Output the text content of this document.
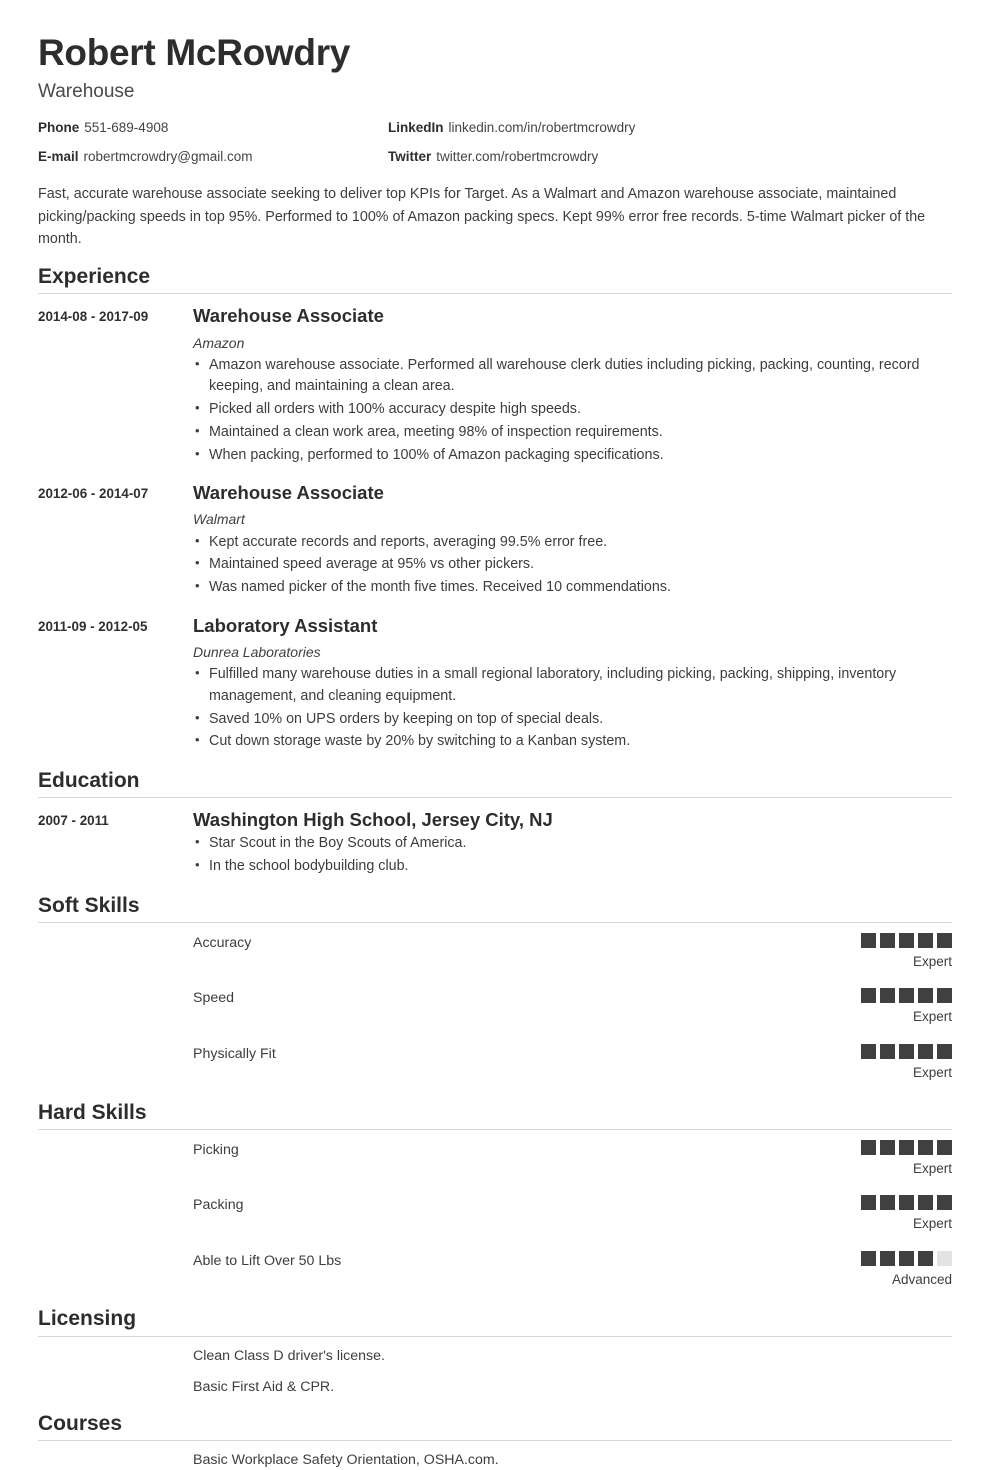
Robert McRowdry
Warehouse
Phone 551-689-4908	LinkedIn linkedin.com/in/robertmcrowdry
E-mail robertmcrowdry@gmail.com	Twitter twitter.com/robertmcrowdry

Fast, accurate warehouse associate seeking to deliver top KPIs for Target. As a Walmart and Amazon warehouse associate, maintained picking/packing speeds in top 95%. Performed to 100% of Amazon packing specs. Kept 99% error free records. 5-time Walmart picker of the month.

Experience
2014-08 - 2017-09	Warehouse Associate
Amazon
• Amazon warehouse associate. Performed all warehouse clerk duties including picking, packing, counting, record keeping, and maintaining a clean area.
• Picked all orders with 100% accuracy despite high speeds.
• Maintained a clean work area, meeting 98% of inspection requirements.
• When packing, performed to 100% of Amazon packaging specifications.
2012-06 - 2014-07	Warehouse Associate
Walmart
• Kept accurate records and reports, averaging 99.5% error free.
• Maintained speed average at 95% vs other pickers.
• Was named picker of the month five times. Received 10 commendations.
2011-09 - 2012-05	Laboratory Assistant
Dunrea Laboratories
• Fulfilled many warehouse duties in a small regional laboratory, including picking, packing, shipping, inventory management, and cleaning equipment.
• Saved 10% on UPS orders by keeping on top of special deals.
• Cut down storage waste by 20% by switching to a Kanban system.
Education
2007 - 2011	Washington High School, Jersey City, NJ
• Star Scout in the Boy Scouts of America.
• In the school bodybuilding club.
Soft Skills
Accuracy
Expert
Speed
Expert
Physically Fit
Expert
Hard Skills
Picking
Expert
Packing
Expert
Able to Lift Over 50 Lbs
Advanced
Licensing
Clean Class D driver's license.
Basic First Aid & CPR.
Courses
Basic Workplace Safety Orientation, OSHA.com.
